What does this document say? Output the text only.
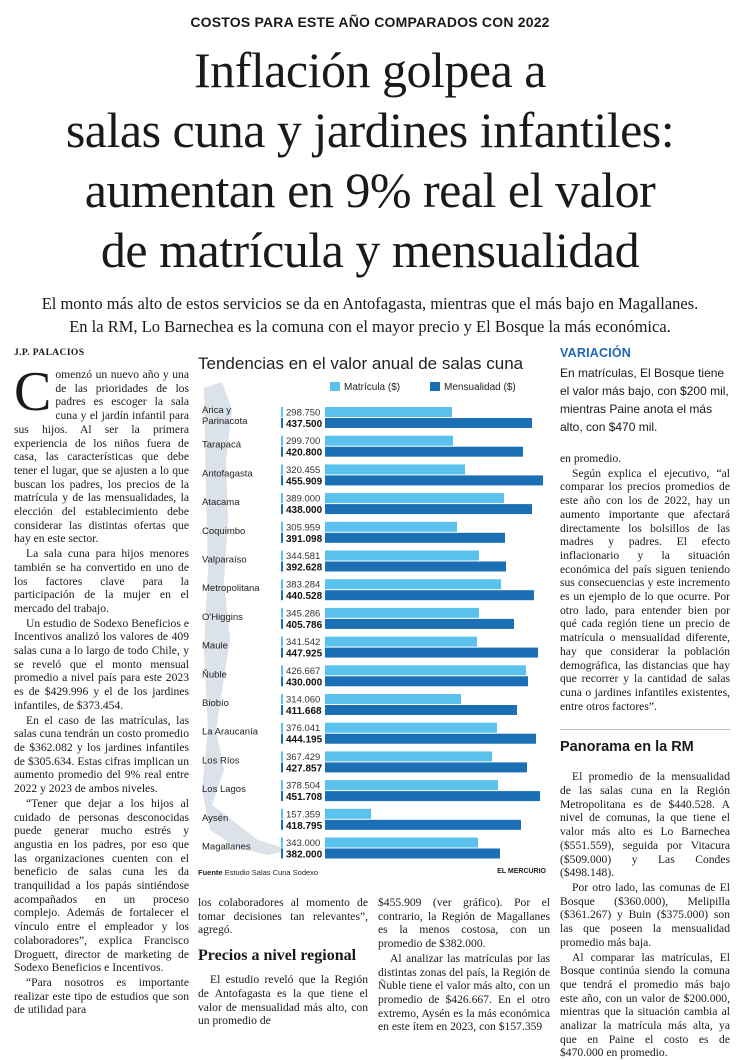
COSTOS PARA ESTE AÑO COMPARADOS CON 2022
Inflación golpea a
salas cuna y jardines infantiles:
aumentan en 9% real el valor
de matrícula y mensualidad
El monto más alto de estos servicios se da en Antofagasta, mientras que el más bajo en Magallanes.
En la RM, Lo Barnechea es la comuna con el mayor precio y El Bosque la más económica.
J.P. PALACIOS

Comenzó un nuevo año y una de las prioridades de los padres es escoger la sala cuna y el jardín infantil para sus hijos. Al ser la primera experiencia de los niños fuera de casa, las características que debe tener el lugar, que se ajusten a lo que buscan los padres, los precios de la matrícula y de las mensualidades, la elección del establecimiento debe considerar las distintas ofertas que hay en este sector.

La sala cuna para hijos menores también se ha convertido en uno de los factores clave para la participación de la mujer en el mercado del trabajo.

Un estudio de Sodexo Beneficios e Incentivos analizó los valores de 409 salas cuna a lo largo de todo Chile, y se reveló que el monto mensual promedio a nivel país para este 2023 es de $429.996 y el de los jardines infantiles, de $373.454.

En el caso de las matrículas, las salas cuna tendrán un costo promedio de $362.082 y los jardines infantiles de $305.634. Estas cifras implican un aumento promedio del 9% real entre 2022 y 2023 de ambos niveles.

“Tener que dejar a los hijos al cuidado de personas desconocidas puede generar mucho estrés y angustia en los padres, por eso que las organizaciones cuenten con el beneficio de salas cuna les da tranquilidad a los papás sintiéndose acompañados en un proceso complejo. Además de fortalecer el vínculo entre el empleador y los colaboradores”, explica Francisco Droguett, director de marketing de Sodexo Beneficios e Incentivos.

“Para nosotros es importante realizar este tipo de estudios que son de utilidad para

Matrícula ($)	Mensualidad ($)
298.750
437.500
Arica y
Parinacota
299.700
420.800
Tarapacá
320.455
455.909
Antofagasta
389.000
438.000
Atacama
305.959
391.098
Coquimbo
344.581
392.628
Valparaíso
383.284
440.528
Metropolitana
345.286
405.786
O'Higgins
341.542
447.925
Maule
426.667
430.000
Ñuble
314.060
411.668
Biobío
376.041
444.195
La Araucanía
367.429
427.857
Los Ríos
378.504
451.708
Los Lagos
157.359
418.795
Aysén
343.000
382.000
Magallanes
Tendencias en el valor anual de salas cuna
Fuente Estudio Salas Cuna Sodexo	EL MERCURIO

los colaboradores al momento de tomar decisiones tan relevantes”, agregó.

Precios a nivel regional

El estudio reveló que la Región de Antofagasta es la que tiene el valor de mensualidad más alto, con un promedio de

$455.909 (ver gráfico). Por el contrario, la Región de Magallanes es la menos costosa, con un promedio de $382.000.

Al analizar las matrículas por las distintas zonas del país, la Región de Ñuble tiene el valor más alto, con un promedio de $426.667. En el otro extremo, Aysén es la más económica en este ítem en 2023, con $157.359

VARIACIÓN
En matrículas, El Bosque tiene el valor más bajo, con $200 mil, mientras Paine anota el más alto, con $470 mil.

en promedio.

Según explica el ejecutivo, “al comparar los precios promedios de este año con los de 2022, hay un aumento importante que afectará directamente los bolsillos de las madres y padres. El efecto inflacionario y la situación económica del país siguen teniendo sus consecuencias y este incremento es un ejemplo de lo que ocurre. Por otro lado, para entender bien por qué cada región tiene un precio de matrícula o mensualidad diferente, hay que considerar la población demográfica, las distancias que hay que recorrer y la cantidad de salas cuna o jardines infantiles existentes, entre otros factores”.

Panorama en la RM

El promedio de la mensualidad de las salas cuna en la Región Metropolitana es de $440.528. A nivel de comunas, la que tiene el valor más alto es Lo Barnechea ($551.559), seguida por Vitacura ($509.000) y Las Condes ($498.148).

Por otro lado, las comunas de El Bosque ($360.000), Melipilla ($361.267) y Buin ($375.000) son las que poseen la mensualidad promedio más baja.

Al comparar las matrículas, El Bosque continúa siendo la comuna que tendrá el promedio más bajo este año, con un valor de $200.000, mientras que la situación cambia al analizar la matrícula más alta, ya que en Paine el costo es de $470.000 en promedio.
